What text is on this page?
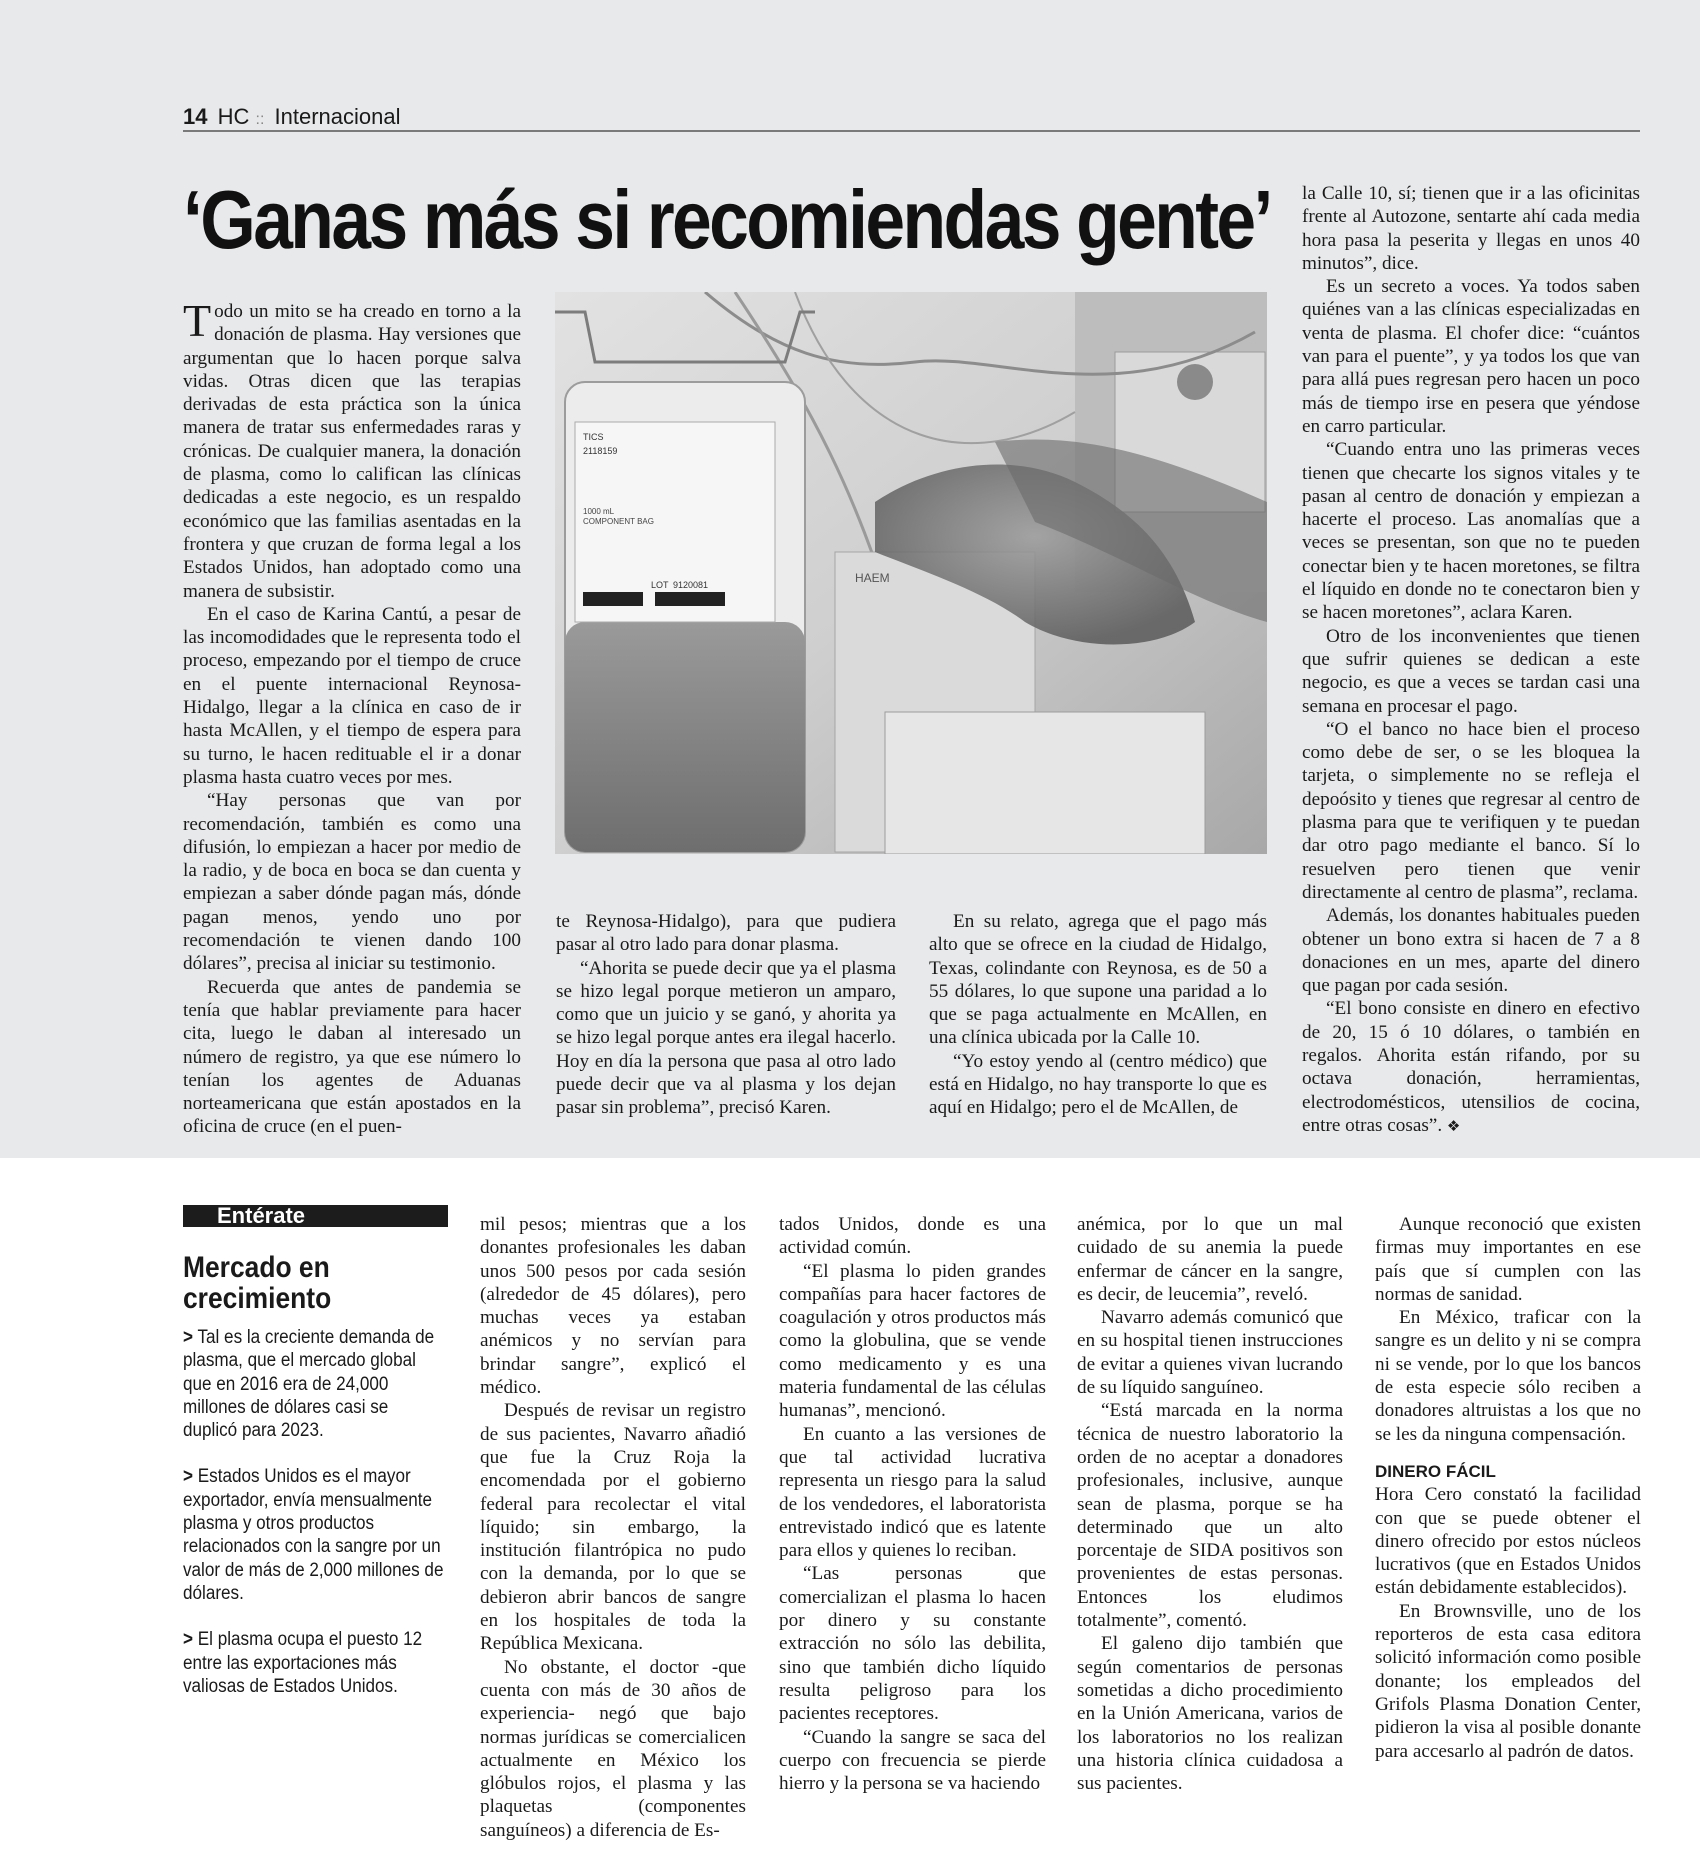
14 HC :: Internacional
‘Ganas más si recomiendas gente’

Todo un mito se ha creado en torno a la donación de plasma. Hay versiones que argumentan que lo hacen porque salva vidas. Otras dicen que las terapias derivadas de esta práctica son la única manera de tratar sus enfermedades raras y crónicas. De cualquier manera, la donación de plasma, como lo califican las clínicas dedicadas a este negocio, es un respaldo económico que las familias asentadas en la frontera y que cruzan de forma legal a los Estados Unidos, han adoptado como una manera de subsistir.

En el caso de Karina Cantú, a pesar de las incomodidades que le representa todo el proceso, empezando por el tiempo de cruce en el puente internacional Reynosa-Hidalgo, llegar a la clínica en caso de ir hasta McAllen, y el tiempo de espera para su turno, le hacen redituable el ir a donar plasma hasta cuatro veces por mes.

“Hay personas que van por recomendación, también es como una difusión, lo empiezan a hacer por medio de la radio, y de boca en boca se dan cuenta y empiezan a saber dónde pagan más, dónde pagan menos, yendo uno por recomendación te vienen dando 100 dólares”, precisa al iniciar su testimonio.

Recuerda que antes de pandemia se tenía que hablar previamente para hacer cita, luego le daban al interesado un número de registro, ya que ese número lo tenían los agentes de Aduanas norteamericana que están apostados en la oficina de cruce (en el puen-

TICS
2118159
1000 mL
COMPONENT BAG
LOT 9120081	HAEM

te Reynosa-Hidalgo), para que pudiera pasar al otro lado para donar plasma.

“Ahorita se puede decir que ya el plasma se hizo legal porque metieron un amparo, como que un juicio y se ganó, y ahorita ya se hizo legal porque antes era ilegal hacerlo. Hoy en día la persona que pasa al otro lado puede decir que va al plasma y los dejan pasar sin problema”, precisó Karen.

En su relato, agrega que el pago más alto que se ofrece en la ciudad de Hidalgo, Texas, colindante con Reynosa, es de 50 a 55 dólares, lo que supone una paridad a lo que se paga actualmente en McAllen, en una clínica ubicada por la Calle 10.

“Yo estoy yendo al (centro médico) que está en Hidalgo, no hay transporte lo que es aquí en Hidalgo; pero el de McAllen, de

la Calle 10, sí; tienen que ir a las oficinitas frente al Autozone, sentarte ahí cada media hora pasa la peserita y llegas en unos 40 minutos”, dice.

Es un secreto a voces. Ya todos saben quiénes van a las clínicas especializadas en venta de plasma. El chofer dice: “cuántos van para el puente”, y ya todos los que van para allá pues regresan pero hacen un poco más de tiempo irse en pesera que yéndose en carro particular.

“Cuando entra uno las primeras veces tienen que checarte los signos vitales y te pasan al centro de donación y empiezan a hacerte el proceso. Las anomalías que a veces se presentan, son que no te pueden conectar bien y te hacen moretones, se filtra el líquido en donde no te conectaron bien y se hacen moretones”, aclara Karen.

Otro de los inconvenientes que tienen que sufrir quienes se dedican a este negocio, es que a veces se tardan casi una semana en procesar el pago.

“O el banco no hace bien el proceso como debe de ser, o se les bloquea la tarjeta, o simplemente no se refleja el depoósito y tienes que regresar al centro de plasma para que te verifiquen y te puedan dar otro pago mediante el banco. Sí lo resuelven pero tienen que venir directamente al centro de plasma”, reclama.

Además, los donantes habituales pueden obtener un bono extra si hacen de 7 a 8 donaciones en un mes, aparte del dinero que pagan por cada sesión.

“El bono consiste en dinero en efectivo de 20, 15 ó 10 dólares, o también en regalos. Ahorita están rifando, por su octava donación, herramientas, electrodomésticos, utensilios de cocina, entre otras cosas”. ❖

Entérate
Mercado en crecimiento

> Tal es la creciente demanda de plasma, que el mercado global que en 2016 era de 24,000 millones de dólares casi se duplicó para 2023.

> Estados Unidos es el mayor exportador, envía mensualmente plasma y otros productos relacionados con la sangre por un valor de más de 2,000 millones de dólares.

> El plasma ocupa el puesto 12 entre las exportaciones más valiosas de Estados Unidos.

mil pesos; mientras que a los donantes profesionales les daban unos 500 pesos por cada sesión (alrededor de 45 dólares), pero muchas veces ya estaban anémicos y no servían para brindar sangre”, explicó el médico.

Después de revisar un registro de sus pacientes, Navarro añadió que fue la Cruz Roja la encomendada por el gobierno federal para recolectar el vital líquido; sin embargo, la institución filantrópica no pudo con la demanda, por lo que se debieron abrir bancos de sangre en los hospitales de toda la República Mexicana.

No obstante, el doctor -que cuenta con más de 30 años de experiencia- negó que bajo normas jurídicas se comercialicen actualmente en México los glóbulos rojos, el plasma y las plaquetas (componentes sanguíneos) a diferencia de Es-

tados Unidos, donde es una actividad común.

“El plasma lo piden grandes compañías para hacer factores de coagulación y otros productos más como la globulina, que se vende como medicamento y es una materia fundamental de las células humanas”, mencionó.

En cuanto a las versiones de que tal actividad lucrativa representa un riesgo para la salud de los vendedores, el laboratorista entrevistado indicó que es latente para ellos y quienes lo reciban.

“Las personas que comercializan el plasma lo hacen por dinero y su constante extracción no sólo las debilita, sino que también dicho líquido resulta peligroso para los pacientes receptores.

“Cuando la sangre se saca del cuerpo con frecuencia se pierde hierro y la persona se va haciendo

anémica, por lo que un mal cuidado de su anemia la puede enfermar de cáncer en la sangre, es decir, de leucemia”, reveló.

Navarro además comunicó que en su hospital tienen instrucciones de evitar a quienes vivan lucrando de su líquido sanguíneo.

“Está marcada en la norma técnica de nuestro laboratorio la orden de no aceptar a donadores profesionales, inclusive, aunque sean de plasma, porque se ha determinado que un alto porcentaje de SIDA positivos son provenientes de estas personas. Entonces los eludimos totalmente”, comentó.

El galeno dijo también que según comentarios de personas sometidas a dicho procedimiento en la Unión Americana, varios de los laboratorios no los realizan una historia clínica cuidadosa a sus pacientes.

Aunque reconoció que existen firmas muy importantes en ese país que sí cumplen con las normas de sanidad.

En México, traficar con la sangre es un delito y ni se compra ni se vende, por lo que los bancos de esta especie sólo reciben a donadores altruistas a los que no se les da ninguna compensación.

DINERO FÁCIL

Hora Cero constató la facilidad con que se puede obtener el dinero ofrecido por estos núcleos lucrativos (que en Estados Unidos están debidamente establecidos).

En Brownsville, uno de los reporteros de esta casa editora solicitó información como posible donante; los empleados del Grifols Plasma Donation Center, pidieron la visa al posible donante para accesarlo al padrón de datos.
